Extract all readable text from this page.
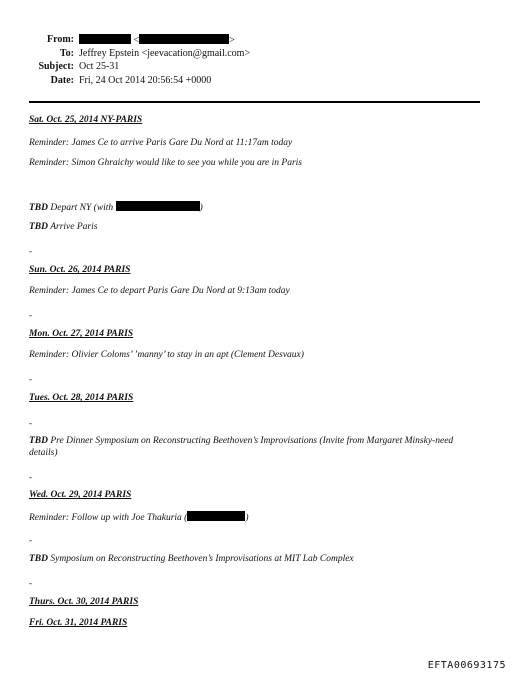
From:	<	>
To: Jeffrey Epstein <jeevacation@gmail.com>
Subject: Oct 25-31
Date: Fri, 24 Oct 2014 20:56:54 +0000
Sat. Oct. 25, 2014 NY-PARIS
Reminder: James Ce to arrive Paris Gare Du Nord at 11:17am today
Reminder: Simon Ghraichy would like to see you while you are in Paris
TBD Depart NY (with	)
TBD Arrive Paris
-
Sun. Oct. 26, 2014 PARIS
Reminder: James Ce to depart Paris Gare Du Nord at 9:13am today
-
Mon. Oct. 27, 2014 PARIS
Reminder: Olivier Coloms’ ’manny’ to stay in an apt (Clement Desvaux)
-
Tues. Oct. 28, 2014 PARIS
-
TBD Pre Dinner Symposium on Reconstructing Beethoven’s Improvisations (Invite from Margaret Minsky-need details)
-
Wed. Oct. 29, 2014 PARIS
Reminder: Follow up with Joe Thakuria (	)
-
TBD Symposium on Reconstructing Beethoven’s Improvisations at MIT Lab Complex
-
Thurs. Oct. 30, 2014 PARIS
Fri. Oct. 31, 2014 PARIS
EFTA00693175
